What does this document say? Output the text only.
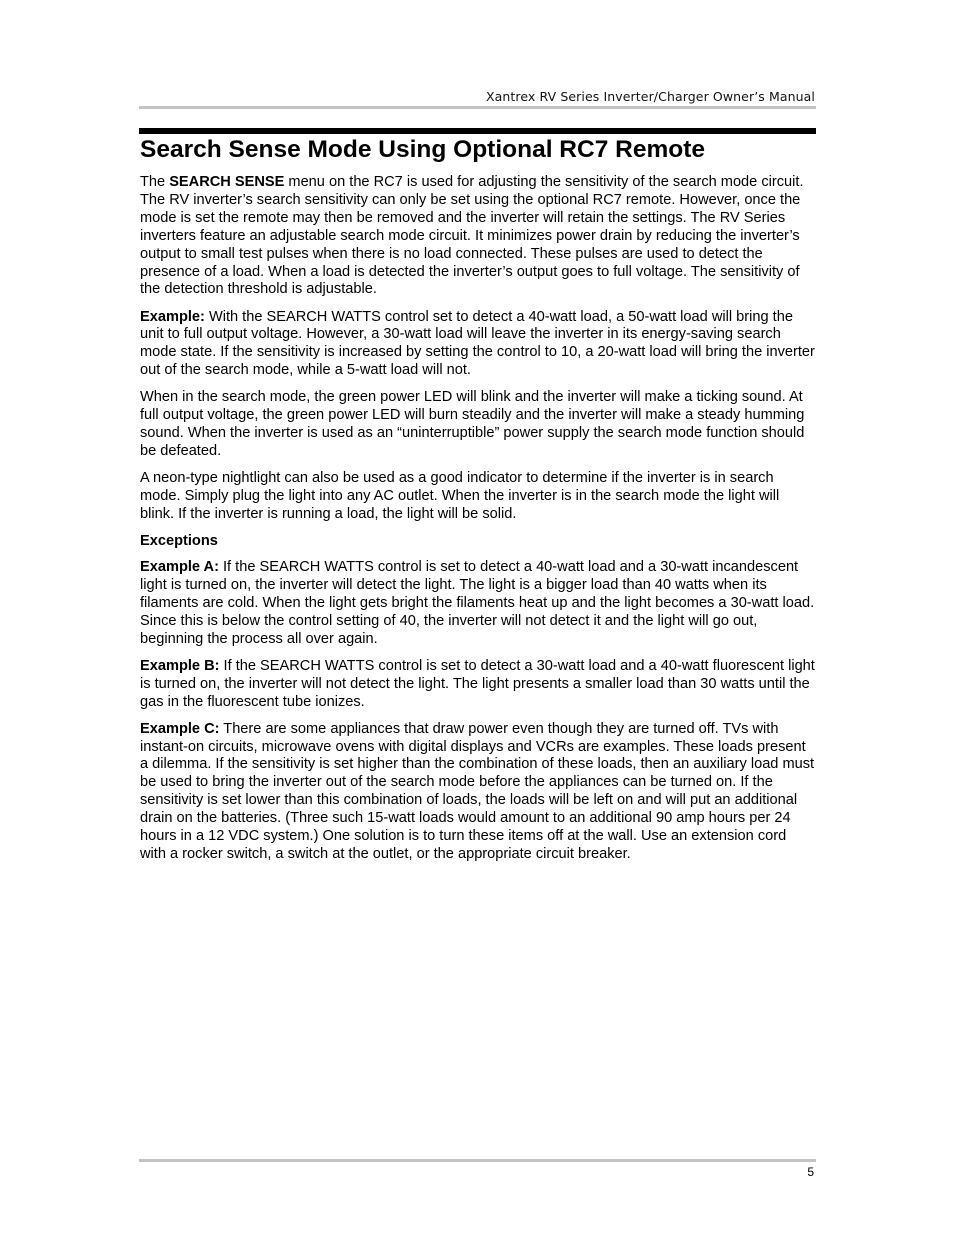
Xantrex RV Series Inverter/Charger Owner’s Manual
Search Sense Mode Using Optional RC7 Remote

The SEARCH SENSE menu on the RC7 is used for adjusting the sensitivity of the search mode circuit. The RV inverter’s search sensitivity can only be set using the optional RC7 remote. However, once the mode is set the remote may then be removed and the inverter will retain the settings. The RV Series inverters feature an adjustable search mode circuit. It minimizes power drain by reducing the inverter’s output to small test pulses when there is no load connected. These pulses are used to detect the presence of a load. When a load is detected the inverter’s output goes to full voltage. The sensitivity of the detection threshold is adjustable.

Example: With the SEARCH WATTS control set to detect a 40-watt load, a 50-watt load will bring the unit to full output voltage. However, a 30-watt load will leave the inverter in its energy-saving search mode state. If the sensitivity is increased by setting the control to 10, a 20-watt load will bring the inverter out of the search mode, while a 5-watt load will not.

When in the search mode, the green power LED will blink and the inverter will make a ticking sound. At full output voltage, the green power LED will burn steadily and the inverter will make a steady humming sound. When the inverter is used as an “uninterruptible” power supply the search mode function should be defeated.

A neon-type nightlight can also be used as a good indicator to determine if the inverter is in search mode. Simply plug the light into any AC outlet. When the inverter is in the search mode the light will blink. If the inverter is running a load, the light will be solid.

Exceptions

Example A: If the SEARCH WATTS control is set to detect a 40-watt load and a 30-watt incandescent light is turned on, the inverter will detect the light. The light is a bigger load than 40 watts when its filaments are cold. When the light gets bright the filaments heat up and the light becomes a 30-watt load. Since this is below the control setting of 40, the inverter will not detect it and the light will go out, beginning the process all over again.

Example B: If the SEARCH WATTS control is set to detect a 30-watt load and a 40-watt fluorescent light is turned on, the inverter will not detect the light. The light presents a smaller load than 30 watts until the gas in the fluorescent tube ionizes.

Example C: There are some appliances that draw power even though they are turned off. TVs with instant-on circuits, microwave ovens with digital displays and VCRs are examples. These loads present a dilemma. If the sensitivity is set higher than the combination of these loads, then an auxiliary load must be used to bring the inverter out of the search mode before the appliances can be turned on. If the sensitivity is set lower than this combination of loads, the loads will be left on and will put an additional drain on the batteries. (Three such 15-watt loads would amount to an additional 90 amp hours per 24 hours in a 12 VDC system.) One solution is to turn these items off at the wall. Use an extension cord with a rocker switch, a switch at the outlet, or the appropriate circuit breaker.

5
